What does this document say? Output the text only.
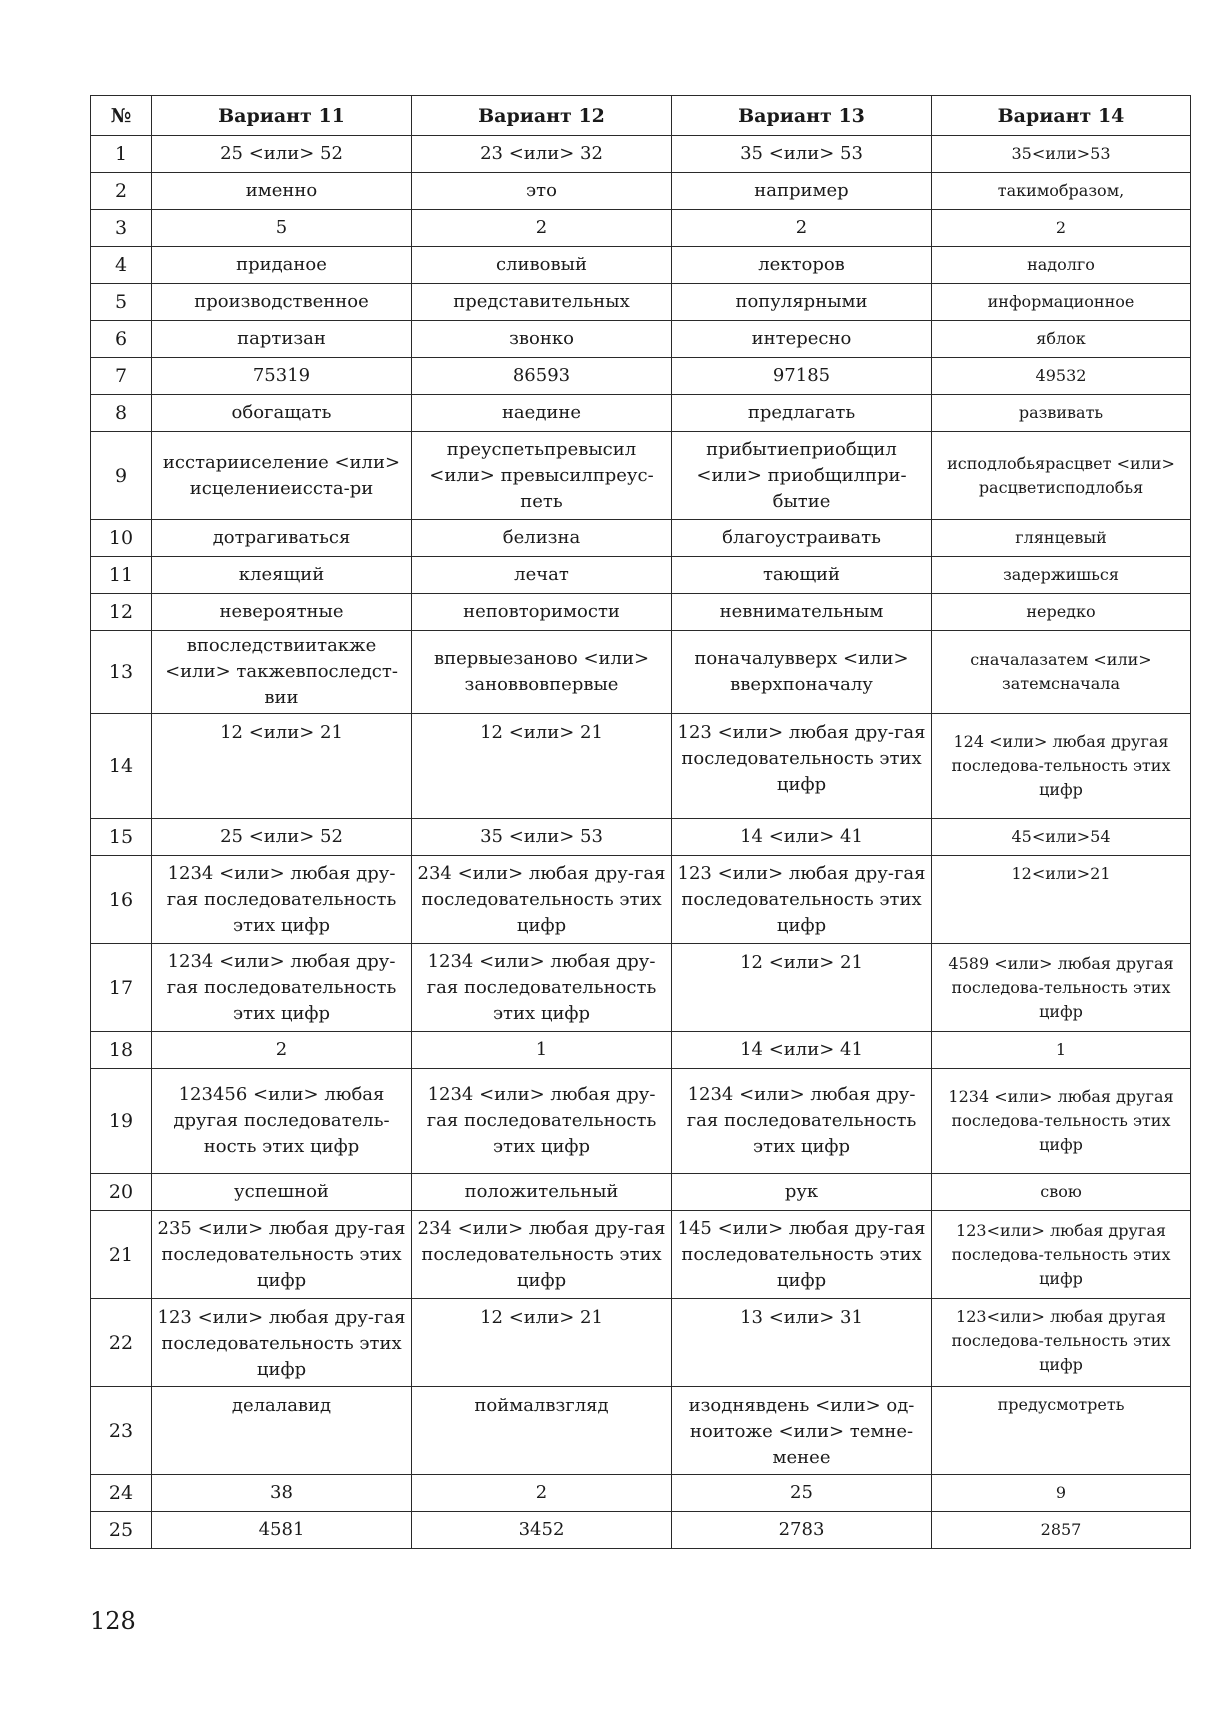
№	Вариант 11	Вариант 12	Вариант 13	Вариант 14
1	25 <или> 52	23 <или> 32	35 <или> 53	35<или>53
2	именно	это	например	такимобразом,
3	5	2	2	2
4	приданое	сливовый	лекторов	надолго
5	производственное	представительных	популярными	информационное
6	партизан	звонко	интересно	яблок
7	75319	86593	97185	49532
8	обогащать	наедине	предлагать	развивать
9	исстарииселение <или> исцелениеисста-ри	преуспетьпревысил <или> превысилпреус-петь	прибытиеприобщил <или> приобщилпри-бытие	исподлобьярасцвет <или> расцветисподлобья
10	дотрагиваться	белизна	благоустраивать	глянцевый
11	клеящий	лечат	тающий	задержишься
12	невероятные	неповторимости	невнимательным	нередко
13	впоследствиитакже <или> такжевпоследст-вии	впервыезаново <или> зановвовпервые	поначалувверх <или> вверхпоначалу	сначалазатем <или> затемсначала
14	12 <или> 21	12 <или> 21	123 <или> любая дру-гая последовательность этих цифр	124 <или> любая другая последова-тельность этих цифр
15	25 <или> 52	35 <или> 53	14 <или> 41	45<или>54
16	1234 <или> любая дру-гая последовательность этих цифр	234 <или> любая дру-гая последовательность этих цифр	123 <или> любая дру-гая последовательность этих цифр	12<или>21
17	1234 <или> любая дру-гая последовательность этих цифр	1234 <или> любая дру-гая последовательность этих цифр	12 <или> 21	4589 <или> любая другая последова-тельность этих цифр
18	2	1	14 <или> 41	1
19	123456 <или> любая другая последователь-ность этих цифр	1234 <или> любая дру-гая последовательность этих цифр	1234 <или> любая дру-гая последовательность этих цифр	1234 <или> любая другая последова-тельность этих цифр
20	успешной	положительный	рук	свою
21	235 <или> любая дру-гая последовательность этих цифр	234 <или> любая дру-гая последовательность этих цифр	145 <или> любая дру-гая последовательность этих цифр	123<или> любая другая последова-тельность этих цифр
22	123 <или> любая дру-гая последовательность этих цифр	12 <или> 21	13 <или> 31	123<или> любая другая последова-тельность этих цифр
23	делалавид	поймалвзгляд	изоднявдень <или> од-ноитоже <или> темне-менее	предусмотреть
24	38	2	25	9
25	4581	3452	2783	2857
128
